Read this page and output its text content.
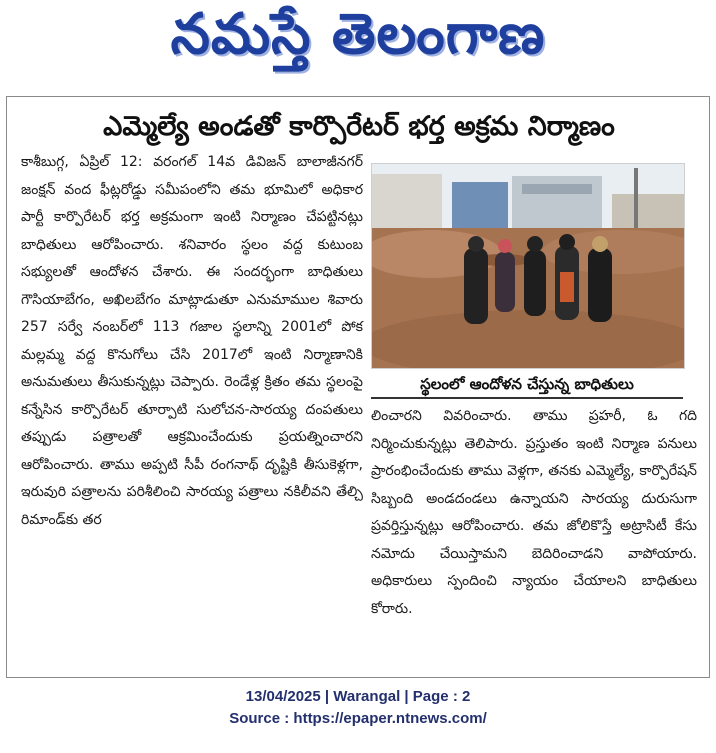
నమస్తే తెలంగాణ
ఎమ్మెల్యే అండతో కార్పొరేటర్ భర్త అక్రమ నిర్మాణం
కాశీబుగ్గ, ఏప్రిల్ 12: వరంగల్ 14వ డివిజన్ బాలాజీనగర్ జంక్షన్ వంద ఫీట్లరోడ్డు సమీపంలోని తమ భూమిలో అధికార పార్టీ కార్పొరేటర్ భర్త అక్రమంగా ఇంటి నిర్మాణం చేపట్టినట్లు బాధితులు ఆరోపించారు. శనివారం స్థలం వద్ద కుటుంబ సభ్యులతో ఆందోళన చేశారు. ఈ సందర్భంగా బాధితులు గౌసియాబేగం, అఖిలబేగం మాట్లాడుతూ ఎనుమాముల శివారు 257 సర్వే నంబర్‌లో 113 గజాల స్థలాన్ని 2001లో పోక మల్లమ్మ వద్ద కొనుగోలు చేసి 2017లో ఇంటి నిర్మాణానికి అనుమతులు తీసుకున్నట్లు చెప్పారు. రెండేళ్ల క్రితం తమ స్థలంపై కన్నేసిన కార్పొరేటర్ తూర్పాటి సులోచన-సారయ్య దంపతులు తప్పుడు పత్రాలతో ఆక్రమించేందుకు ప్రయత్నించారని ఆరోపించారు. తాము అప్పటి సీపీ రంగనాథ్ దృష్టికి తీసుకెళ్లగా, ఇరువురి పత్రాలను పరిశీలించి సారయ్య పత్రాలు నకిలీవని తేల్చి రిమాండ్‌కు తర
స్థలంలో ఆందోళన చేస్తున్న బాధితులు
లించారని వివరించారు. తాము ప్రహరీ, ఓ గది నిర్మించుకున్నట్లు తెలిపారు. ప్రస్తుతం ఇంటి నిర్మాణ పనులు ప్రారంభించేందుకు తాము వెళ్లగా, తనకు ఎమ్మెల్యే, కార్పొరేషన్ సిబ్బంది అండదండలు ఉన్నాయని సారయ్య దురుసుగా ప్రవర్తిస్తున్నట్లు ఆరోపించారు. తమ జోలికొస్తే అట్రాసిటీ కేసు నమోదు చేయిస్తామని బెదిరించాడని వాపోయారు. అధికారులు స్పందించి న్యాయం చేయాలని బాధితులు కోరారు.
13/04/2025 | Warangal | Page : 2
Source : https://epaper.ntnews.com/
